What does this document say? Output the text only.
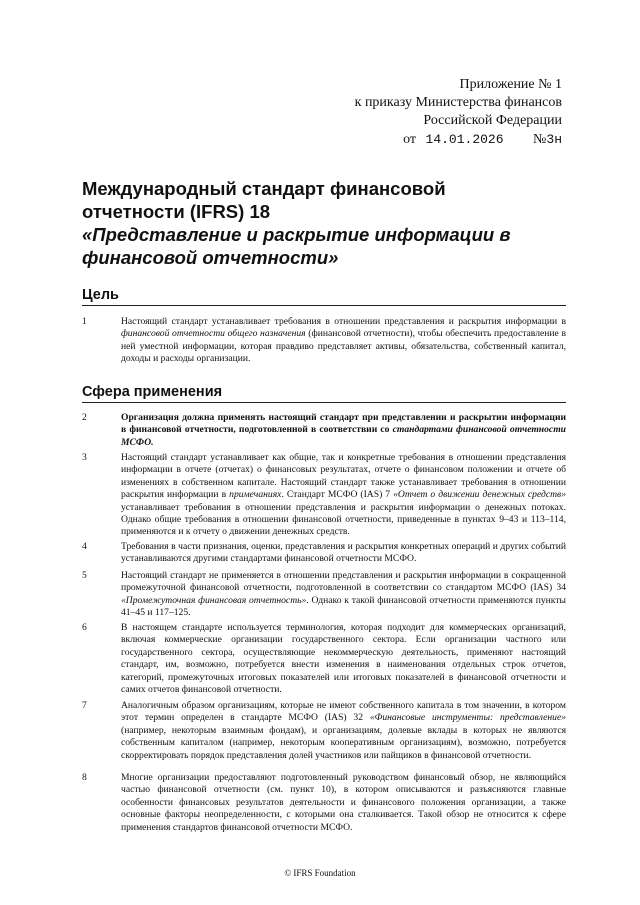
Приложение № 1
к приказу Министерства финансов
Российской Федерации
от 14.01.2026 №3н
Международный стандарт финансовой
отчетности (IFRS) 18
«Представление и раскрытие информации в
финансовой отчетности»
Цель
1	Настоящий стандарт устанавливает требования в отношении представления и раскрытия информации в финансовой отчетности общего назначения (финансовой отчетности), чтобы обеспечить предоставление в ней уместной информации, которая правдиво представляет активы, обязательства, собственный капитал, доходы и расходы организации.
Сфера применения
2	Организация должна применять настоящий стандарт при представлении и раскрытии информации в финансовой отчетности, подготовленной в соответствии со стандартами финансовой отчетности МСФО.
3	Настоящий стандарт устанавливает как общие, так и конкретные требования в отношении представления информации в отчете (отчетах) о финансовых результатах, отчете о финансовом положении и отчете об изменениях в собственном капитале. Настоящий стандарт также устанавливает требования в отношении раскрытия информации в примечаниях. Стандарт МСФО (IAS) 7 «Отчет о движении денежных средств» устанавливает требования в отношении представления и раскрытия информации о денежных потоках. Однако общие требования в отношении финансовой отчетности, приведенные в пунктах 9–43 и 113–114, применяются и к отчету о движении денежных средств.
4	Требования в части признания, оценки, представления и раскрытия конкретных операций и других событий устанавливаются другими стандартами финансовой отчетности МСФО.
5	Настоящий стандарт не применяется в отношении представления и раскрытия информации в сокращенной промежуточной финансовой отчетности, подготовленной в соответствии со стандартом МСФО (IAS) 34 «Промежуточная финансовая отчетность». Однако к такой финансовой отчетности применяются пункты 41–45 и 117–125.
6	В настоящем стандарте используется терминология, которая подходит для коммерческих организаций, включая коммерческие организации государственного сектора. Если организации частного или государственного сектора, осуществляющие некоммерческую деятельность, применяют настоящий стандарт, им, возможно, потребуется внести изменения в наименования отдельных строк отчетов, категорий, промежуточных итоговых показателей или итоговых показателей в финансовой отчетности и самих отчетов финансовой отчетности.
7	Аналогичным образом организациям, которые не имеют собственного капитала в том значении, в котором этот термин определен в стандарте МСФО (IAS) 32 «Финансовые инструменты: представление» (например, некоторым взаимным фондам), и организациям, долевые вклады в которых не являются собственным капиталом (например, некоторым кооперативным организациям), возможно, потребуется скорректировать порядок представления долей участников или пайщиков в финансовой отчетности.
8	Многие организации предоставляют подготовленный руководством финансовый обзор, не являющийся частью финансовой отчетности (см. пункт 10), в котором описываются и разъясняются главные особенности финансовых результатов деятельности и финансового положения организации, а также основные факторы неопределенности, с которыми она сталкивается. Такой обзор не относится к сфере применения стандартов финансовой отчетности МСФО.
© IFRS Foundation
